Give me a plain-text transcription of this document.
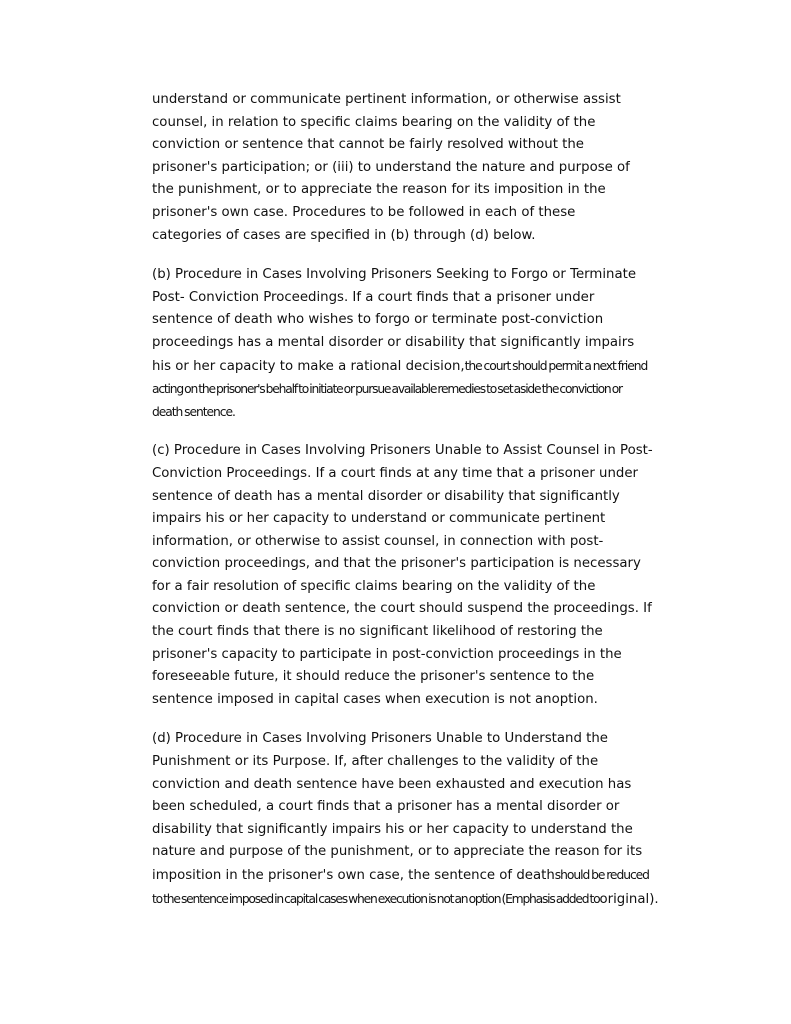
understand or communicate pertinent information, or otherwise assist
counsel, in relation to specific claims bearing on the validity of the
conviction or sentence that cannot be fairly resolved without the
prisoner's participation; or (iii) to understand the nature and purpose of
the punishment, or to appreciate the reason for its imposition in the
prisoner's own case. Procedures to be followed in each of these
categories of cases are specified in (b) through (d) below.

(b) Procedure in Cases Involving Prisoners Seeking to Forgo or Terminate
Post- Conviction Proceedings. If a court finds that a prisoner under
sentence of death who wishes to forgo or terminate post-conviction
proceedings has a mental disorder or disability that significantly impairs
his or her capacity to make a rational decision,the court should permit a next friend
acting on the prisoner's behalf to initiate or pursue available remedies to set aside the conviction or
death sentence.

(c) Procedure in Cases Involving Prisoners Unable to Assist Counsel in Post-
Conviction Proceedings. If a court finds at any time that a prisoner under
sentence of death has a mental disorder or disability that significantly
impairs his or her capacity to understand or communicate pertinent
information, or otherwise to assist counsel, in connection with post-
conviction proceedings, and that the prisoner's participation is necessary
for a fair resolution of specific claims bearing on the validity of the
conviction or death sentence, the court should suspend the proceedings. If
the court finds that there is no significant likelihood of restoring the
prisoner's capacity to participate in post-conviction proceedings in the
foreseeable future, it should reduce the prisoner's sentence to the
sentence imposed in capital cases when execution is not anoption.

(d) Procedure in Cases Involving Prisoners Unable to Understand the
Punishment or its Purpose. If, after challenges to the validity of the
conviction and death sentence have been exhausted and execution has
been scheduled, a court finds that a prisoner has a mental disorder or
disability that significantly impairs his or her capacity to understand the
nature and purpose of the punishment, or to appreciate the reason for its
imposition in the prisoner's own case, the sentence of deathshould be reduced
to the sentence imposed in capital cases when execution is not an option (Emphasis added tooriginal).
